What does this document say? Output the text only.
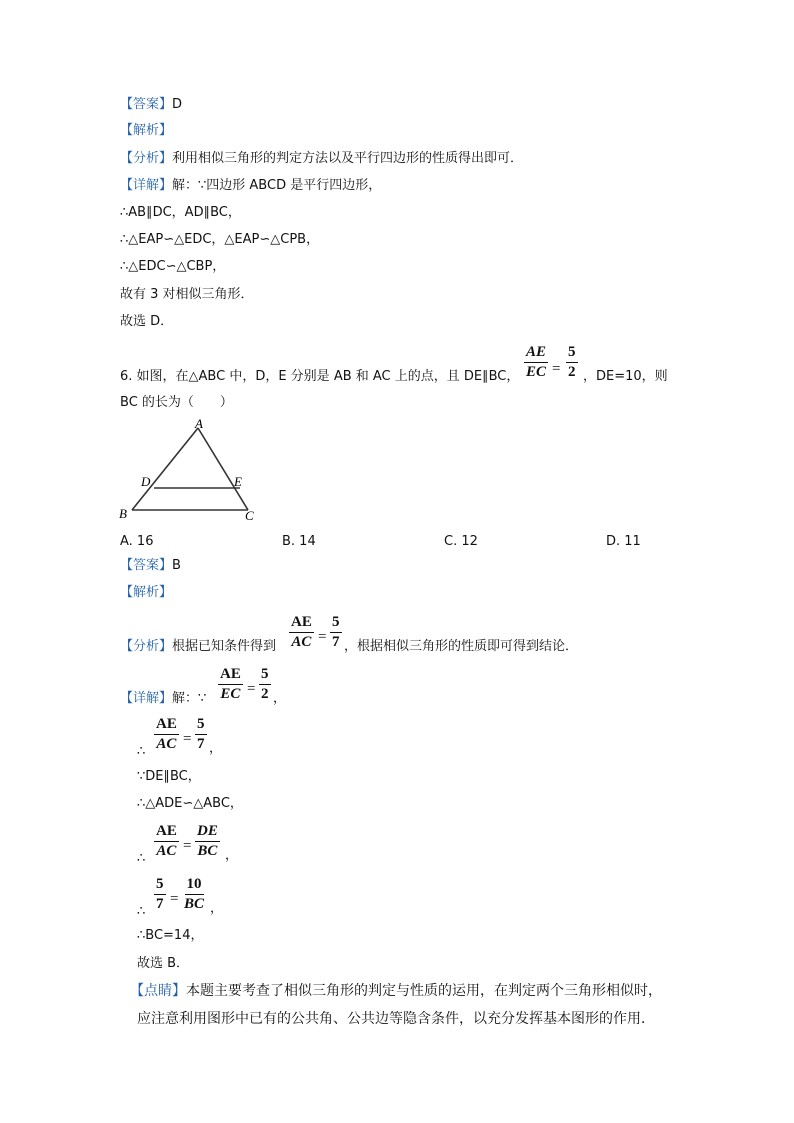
【答案】D
【解析】
【分析】利用相似三角形的判定方法以及平行四边形的性质得出即可．
【详解】解：∵四边形 ABCD 是平行四边形，
∴AB∥DC，AD∥BC，
∴△EAP∽△EDC，△EAP∽△CPB，
∴△EDC∽△CBP，
故有 3 对相似三角形．
故选 D．
6. 如图，在△ABC 中，D，E 分别是 AB 和 AC 上的点，且 DE∥BC， $\frac{AE}{EC} = \frac{5}{2}$ ，DE=10，则
BC 的长为（　　）
A
B	C
D	E
A. 16	B. 14	C. 12	D. 11
【答案】B
【解析】
【分析】根据已知条件得到 $\frac{AE}{AC} = \frac{5}{7}$ ，根据相似三角形的性质即可得到结论．
【详解】解：∵ $\frac{AE}{EC} = \frac{5}{2}$ ，
∴ $\frac{AE}{AC} = \frac{5}{7}$ ，
∵DE∥BC，
∴△ADE∽△ABC，
∴ $\frac{AE}{AC} = \frac{DE}{BC}$ ，
∴ $\frac{5}{7} = \frac{10}{BC}$ ，
∴BC=14，
故选 B．
【点睛】本题主要考查了相似三角形的判定与性质的运用，在判定两个三角形相似时，
应注意利用图形中已有的公共角、公共边等隐含条件，以充分发挥基本图形的作用．
